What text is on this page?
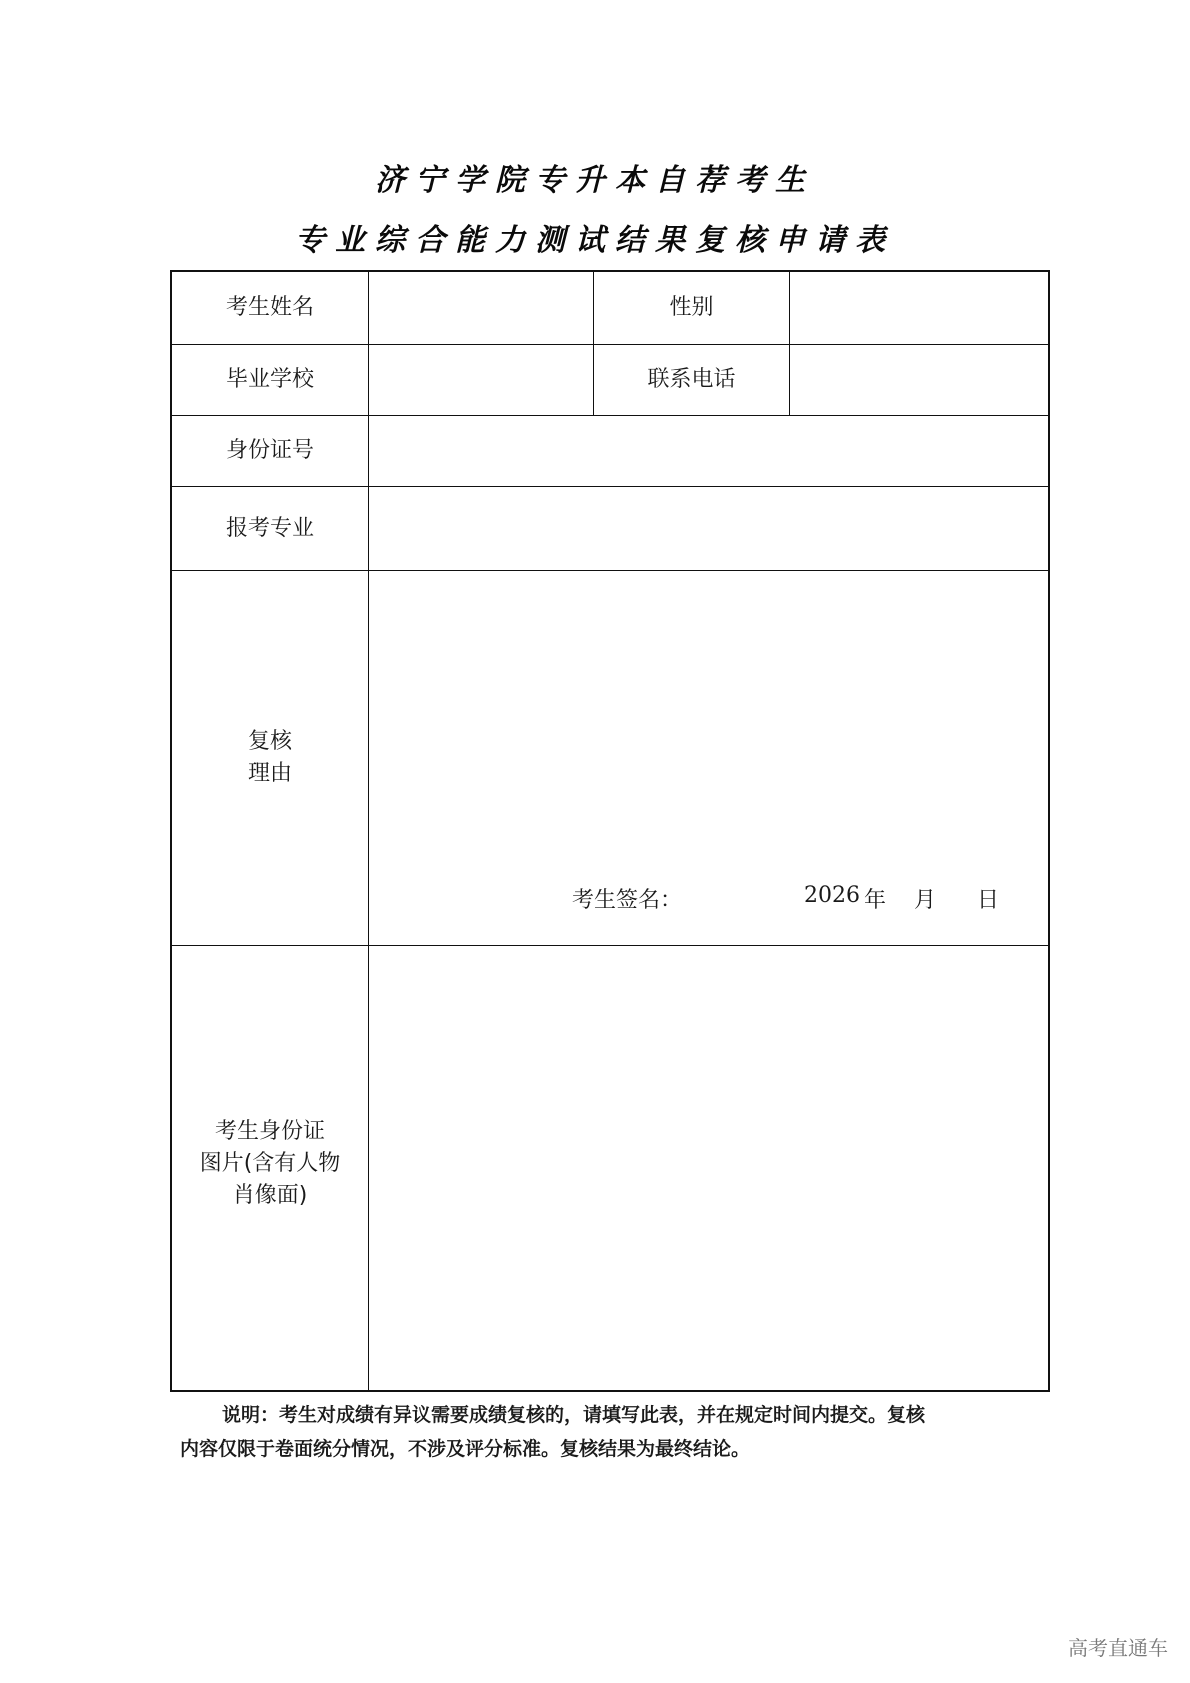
济宁学院专升本自荐考生
专业综合能力测试结果复核申请表
考生姓名	性别
毕业学校	联系电话
身份证号
报考专业
复核
理由
考生签名：	2026 年 月 日
考生身份证
图片(含有人物
肖像面)
说明：考生对成绩有异议需要成绩复核的，请填写此表，并在规定时间内提交。复核
内容仅限于卷面统分情况，不涉及评分标准。复核结果为最终结论。
高考直通车
